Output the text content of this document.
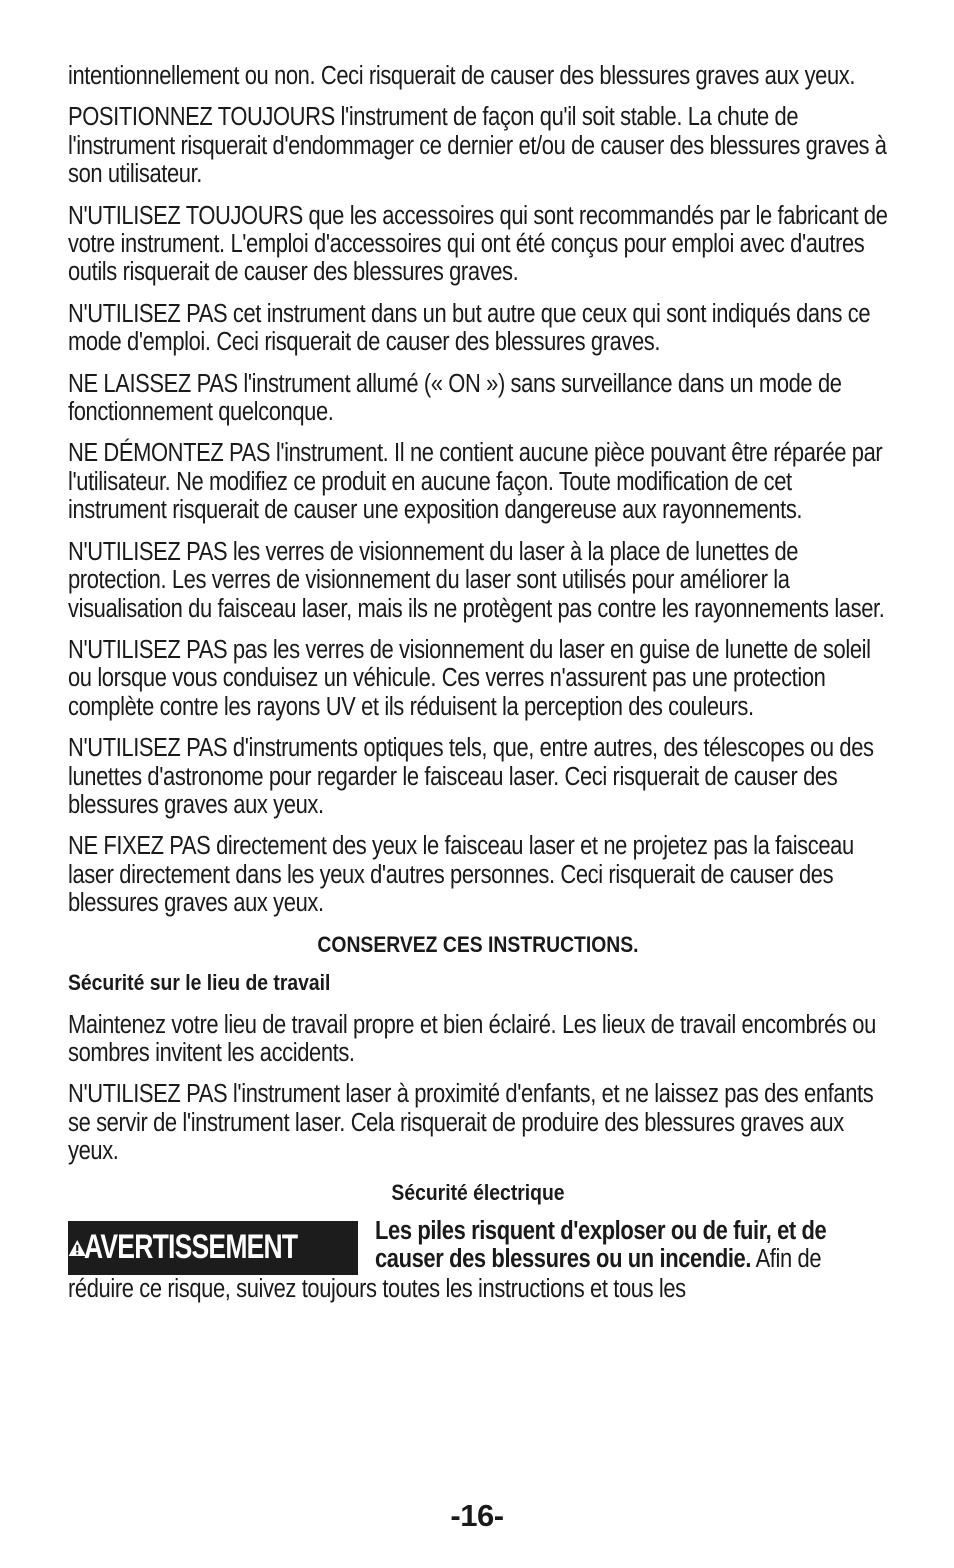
intentionnellement ou non. Ceci risquerait de causer des blessures graves aux yeux.

POSITIONNEZ TOUJOURS l'instrument de façon qu'il soit stable. La chute de l'instrument risquerait d'endommager ce dernier et/ou de causer des blessures graves à son utilisateur.

N'UTILISEZ TOUJOURS que les accessoires qui sont recommandés par le fabricant de votre instrument. L'emploi d'accessoires qui ont été conçus pour emploi avec d'autres outils risquerait de causer des blessures graves.

N'UTILISEZ PAS cet instrument dans un but autre que ceux qui sont indiqués dans ce mode d'emploi. Ceci risquerait de causer des blessures graves.

NE LAISSEZ PAS l'instrument allumé (« ON ») sans surveillance dans un mode de fonctionnement quelconque.

NE DÉMONTEZ PAS l'instrument. Il ne contient aucune pièce pouvant être réparée par l'utilisateur. Ne modifiez ce produit en aucune façon. Toute modification de cet instrument risquerait de causer une exposition dangereuse aux rayonnements.

N'UTILISEZ PAS les verres de visionnement du laser à la place de lunettes de protection. Les verres de visionnement du laser sont utilisés pour améliorer la visualisation du faisceau laser, mais ils ne protègent pas contre les rayonnements laser.

N'UTILISEZ PAS pas les verres de visionnement du laser en guise de lunette de soleil ou lorsque vous conduisez un véhicule. Ces verres n'assurent pas une protection complète contre les rayons UV et ils réduisent la perception des couleurs.

N'UTILISEZ PAS d'instruments optiques tels, que, entre autres, des télescopes ou des lunettes d'astronome pour regarder le faisceau laser. Ceci risquerait de causer des blessures graves aux yeux.

NE FIXEZ PAS directement des yeux le faisceau laser et ne projetez pas la faisceau laser directement dans les yeux d'autres personnes. Ceci risquerait de causer des blessures graves aux yeux.

CONSERVEZ CES INSTRUCTIONS.
Sécurité sur le lieu de travail

Maintenez votre lieu de travail propre et bien éclairé. Les lieux de travail encombrés ou sombres invitent les accidents.

N'UTILISEZ PAS l'instrument laser à proximité d'enfants, et ne laissez pas des enfants se servir de l'instrument laser. Cela risquerait de produire des blessures graves aux yeux.

Sécurité électrique
AVERTISSEMENT	Les piles risquent d'exploser ou de fuir, et de causer des blessures ou un incendie. Afin de
réduire ce risque, suivez toujours toutes les instructions et tous les
-16-
